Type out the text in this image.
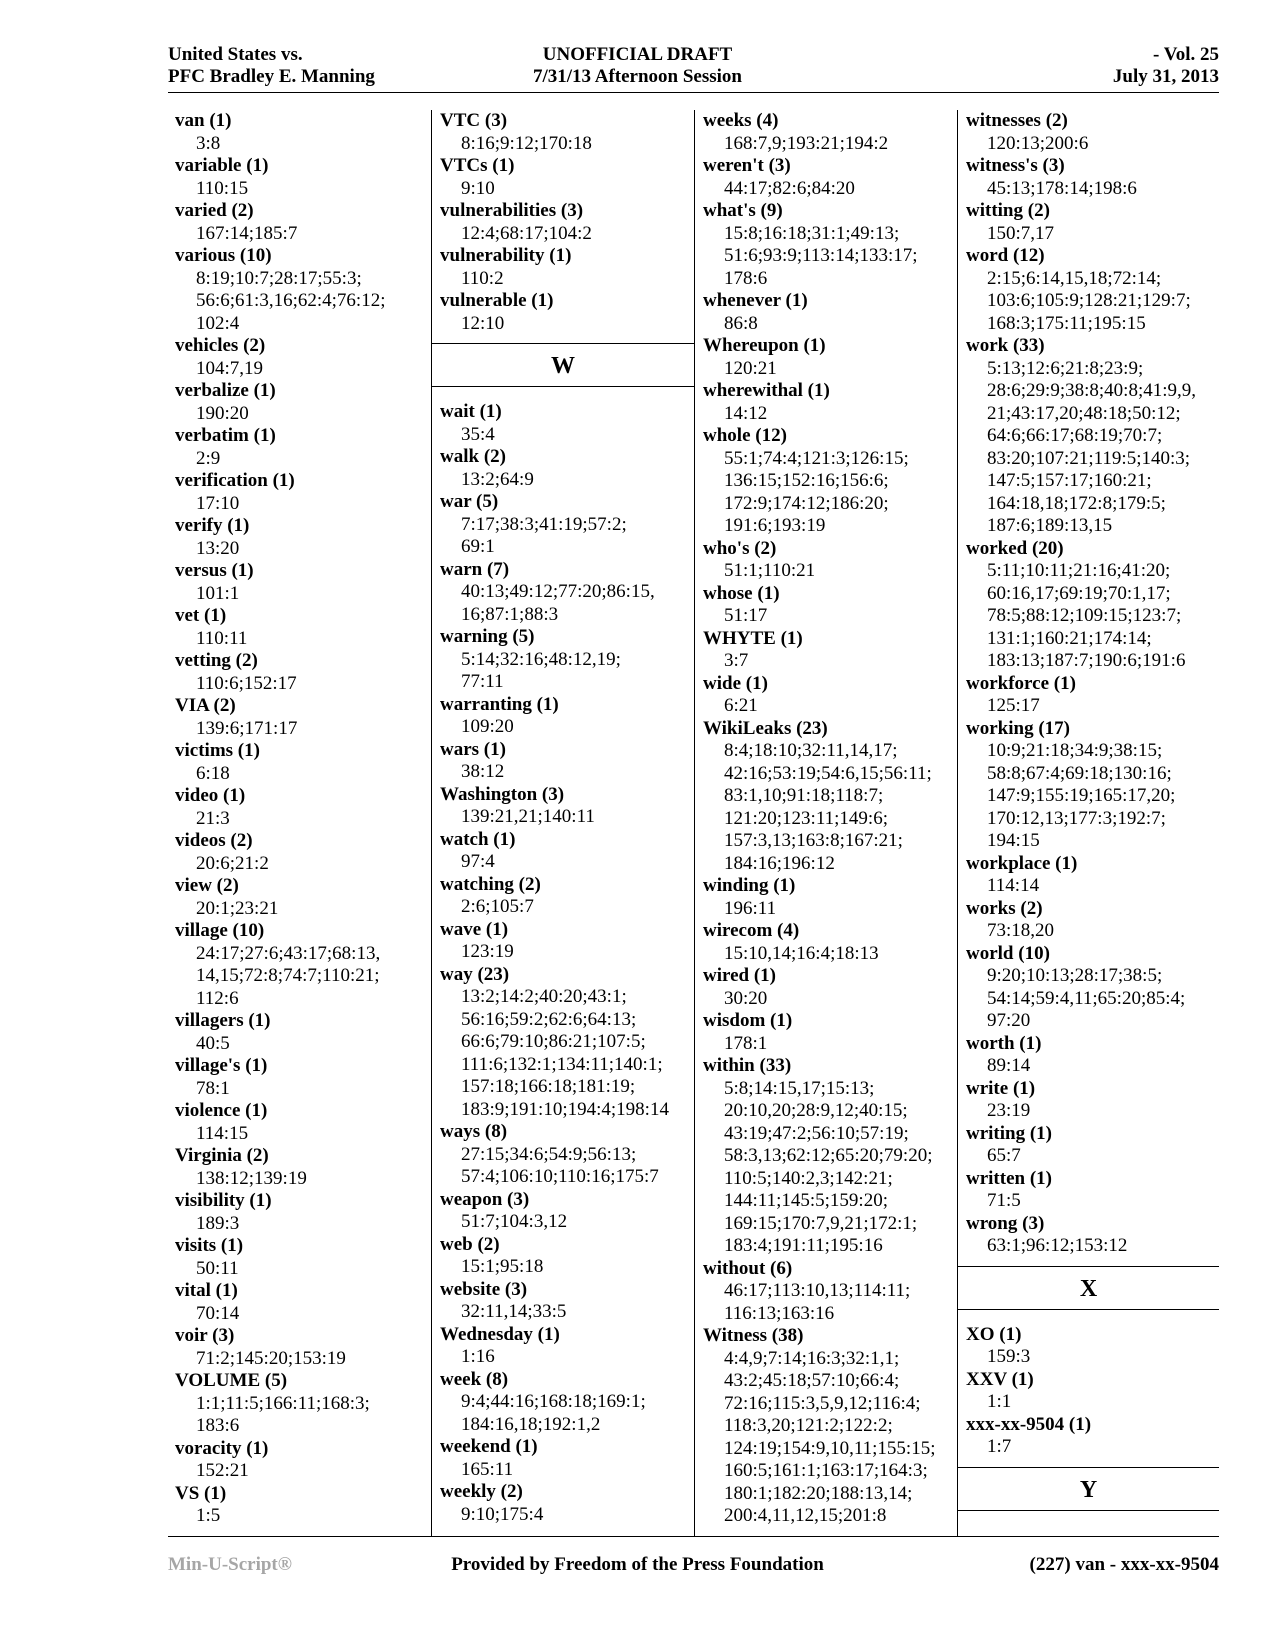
United States vs.
PFC Bradley E. Manning
UNOFFICIAL DRAFT
7/31/13 Afternoon Session
- Vol. 25
July 31, 2013
van (1)
3:8
variable (1)
110:15
varied (2)
167:14;185:7
various (10)
8:19;10:7;28:17;55:3;
56:6;61:3,16;62:4;76:12;
102:4
vehicles (2)
104:7,19
verbalize (1)
190:20
verbatim (1)
2:9
verification (1)
17:10
verify (1)
13:20
versus (1)
101:1
vet (1)
110:11
vetting (2)
110:6;152:17
VIA (2)
139:6;171:17
victims (1)
6:18
video (1)
21:3
videos (2)
20:6;21:2
view (2)
20:1;23:21
village (10)
24:17;27:6;43:17;68:13,
14,15;72:8;74:7;110:21;
112:6
villagers (1)
40:5
village's (1)
78:1
violence (1)
114:15
Virginia (2)
138:12;139:19
visibility (1)
189:3
visits (1)
50:11
vital (1)
70:14
voir (3)
71:2;145:20;153:19
VOLUME (5)
1:1;11:5;166:11;168:3;
183:6
voracity (1)
152:21
VS (1)
1:5
VTC (3)
8:16;9:12;170:18
VTCs (1)
9:10
vulnerabilities (3)
12:4;68:17;104:2
vulnerability (1)
110:2
vulnerable (1)
12:10
W
wait (1)
35:4
walk (2)
13:2;64:9
war (5)
7:17;38:3;41:19;57:2;
69:1
warn (7)
40:13;49:12;77:20;86:15,
16;87:1;88:3
warning (5)
5:14;32:16;48:12,19;
77:11
warranting (1)
109:20
wars (1)
38:12
Washington (3)
139:21,21;140:11
watch (1)
97:4
watching (2)
2:6;105:7
wave (1)
123:19
way (23)
13:2;14:2;40:20;43:1;
56:16;59:2;62:6;64:13;
66:6;79:10;86:21;107:5;
111:6;132:1;134:11;140:1;
157:18;166:18;181:19;
183:9;191:10;194:4;198:14
ways (8)
27:15;34:6;54:9;56:13;
57:4;106:10;110:16;175:7
weapon (3)
51:7;104:3,12
web (2)
15:1;95:18
website (3)
32:11,14;33:5
Wednesday (1)
1:16
week (8)
9:4;44:16;168:18;169:1;
184:16,18;192:1,2
weekend (1)
165:11
weekly (2)
9:10;175:4
weeks (4)
168:7,9;193:21;194:2
weren't (3)
44:17;82:6;84:20
what's (9)
15:8;16:18;31:1;49:13;
51:6;93:9;113:14;133:17;
178:6
whenever (1)
86:8
Whereupon (1)
120:21
wherewithal (1)
14:12
whole (12)
55:1;74:4;121:3;126:15;
136:15;152:16;156:6;
172:9;174:12;186:20;
191:6;193:19
who's (2)
51:1;110:21
whose (1)
51:17
WHYTE (1)
3:7
wide (1)
6:21
WikiLeaks (23)
8:4;18:10;32:11,14,17;
42:16;53:19;54:6,15;56:11;
83:1,10;91:18;118:7;
121:20;123:11;149:6;
157:3,13;163:8;167:21;
184:16;196:12
winding (1)
196:11
wirecom (4)
15:10,14;16:4;18:13
wired (1)
30:20
wisdom (1)
178:1
within (33)
5:8;14:15,17;15:13;
20:10,20;28:9,12;40:15;
43:19;47:2;56:10;57:19;
58:3,13;62:12;65:20;79:20;
110:5;140:2,3;142:21;
144:11;145:5;159:20;
169:15;170:7,9,21;172:1;
183:4;191:11;195:16
without (6)
46:17;113:10,13;114:11;
116:13;163:16
Witness (38)
4:4,9;7:14;16:3;32:1,1;
43:2;45:18;57:10;66:4;
72:16;115:3,5,9,12;116:4;
118:3,20;121:2;122:2;
124:19;154:9,10,11;155:15;
160:5;161:1;163:17;164:3;
180:1;182:20;188:13,14;
200:4,11,12,15;201:8
witnesses (2)
120:13;200:6
witness's (3)
45:13;178:14;198:6
witting (2)
150:7,17
word (12)
2:15;6:14,15,18;72:14;
103:6;105:9;128:21;129:7;
168:3;175:11;195:15
work (33)
5:13;12:6;21:8;23:9;
28:6;29:9;38:8;40:8;41:9,9,
21;43:17,20;48:18;50:12;
64:6;66:17;68:19;70:7;
83:20;107:21;119:5;140:3;
147:5;157:17;160:21;
164:18,18;172:8;179:5;
187:6;189:13,15
worked (20)
5:11;10:11;21:16;41:20;
60:16,17;69:19;70:1,17;
78:5;88:12;109:15;123:7;
131:1;160:21;174:14;
183:13;187:7;190:6;191:6
workforce (1)
125:17
working (17)
10:9;21:18;34:9;38:15;
58:8;67:4;69:18;130:16;
147:9;155:19;165:17,20;
170:12,13;177:3;192:7;
194:15
workplace (1)
114:14
works (2)
73:18,20
world (10)
9:20;10:13;28:17;38:5;
54:14;59:4,11;65:20;85:4;
97:20
worth (1)
89:14
write (1)
23:19
writing (1)
65:7
written (1)
71:5
wrong (3)
63:1;96:12;153:12
X
XO (1)
159:3
XXV (1)
1:1
xxx-xx-9504 (1)
1:7
Y
Min-U-Script®	Provided by Freedom of the Press Foundation	(227) van - xxx-xx-9504
